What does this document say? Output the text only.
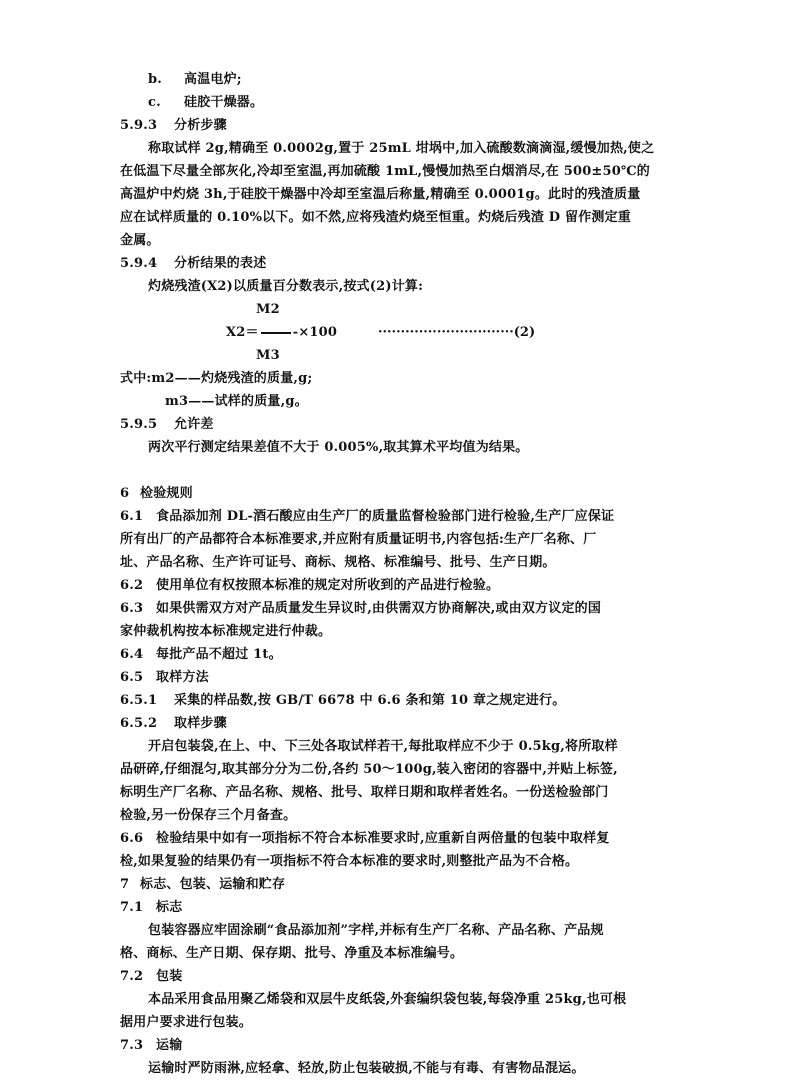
b. 高温电炉;
c. 硅胶干燥器。
5.9.3 分析步骤
称取试样 2g,精确至 0.0002g,置于 25mL 坩埚中,加入硫酸数滴滴湿,缓慢加热,使之
在低温下尽量全部灰化,冷却至室温,再加硫酸 1mL,慢慢加热至白烟消尽,在 500±50℃的
高温炉中灼烧 3h,于硅胶干燥器中冷却至室温后称量,精确至 0.0001g。此时的残渣质量
应在试样质量的 0.10%以下。如不然,应将残渣灼烧至恒重。灼烧后残渣 D 留作测定重
金属。
5.9.4 分析结果的表述
灼烧残渣(X2)以质量百分数表示,按式(2)计算:
M2
X2＝	-×100	······························(2)
M3
式中:m2——灼烧残渣的质量,g;
m3——试样的质量,g。
5.9.5 允许差
两次平行测定结果差值不大于 0.005%,取其算术平均值为结果。
6 检验规则
6.1 食品添加剂 DL-酒石酸应由生产厂的质量监督检验部门进行检验,生产厂应保证
所有出厂的产品都符合本标准要求,并应附有质量证明书,内容包括:生产厂名称、厂
址、产品名称、生产许可证号、商标、规格、标准编号、批号、生产日期。
6.2 使用单位有权按照本标准的规定对所收到的产品进行检验。
6.3 如果供需双方对产品质量发生异议时,由供需双方协商解决,或由双方议定的国
家仲裁机构按本标准规定进行仲裁。
6.4 每批产品不超过 1t。
6.5 取样方法
6.5.1 采集的样品数,按 GB/T 6678 中 6.6 条和第 10 章之规定进行。
6.5.2 取样步骤
开启包装袋,在上、中、下三处各取试样若干,每批取样应不少于 0.5kg,将所取样
品研碎,仔细混匀,取其部分分为二份,各约 50～100g,装入密闭的容器中,并贴上标签,
标明生产厂名称、产品名称、规格、批号、取样日期和取样者姓名。一份送检验部门
检验,另一份保存三个月备查。
6.6 检验结果中如有一项指标不符合本标准要求时,应重新自两倍量的包装中取样复
检,如果复验的结果仍有一项指标不符合本标准的要求时,则整批产品为不合格。
7 标志、包装、运输和贮存
7.1 标志
包装容器应牢固涂刷“食品添加剂”字样,并标有生产厂名称、产品名称、产品规
格、商标、生产日期、保存期、批号、净重及本标准编号。
7.2 包装
本品采用食品用聚乙烯袋和双层牛皮纸袋,外套编织袋包装,每袋净重 25kg,也可根
据用户要求进行包装。
7.3 运输
运输时严防雨淋,应轻拿、轻放,防止包装破损,不能与有毒、有害物品混运。
